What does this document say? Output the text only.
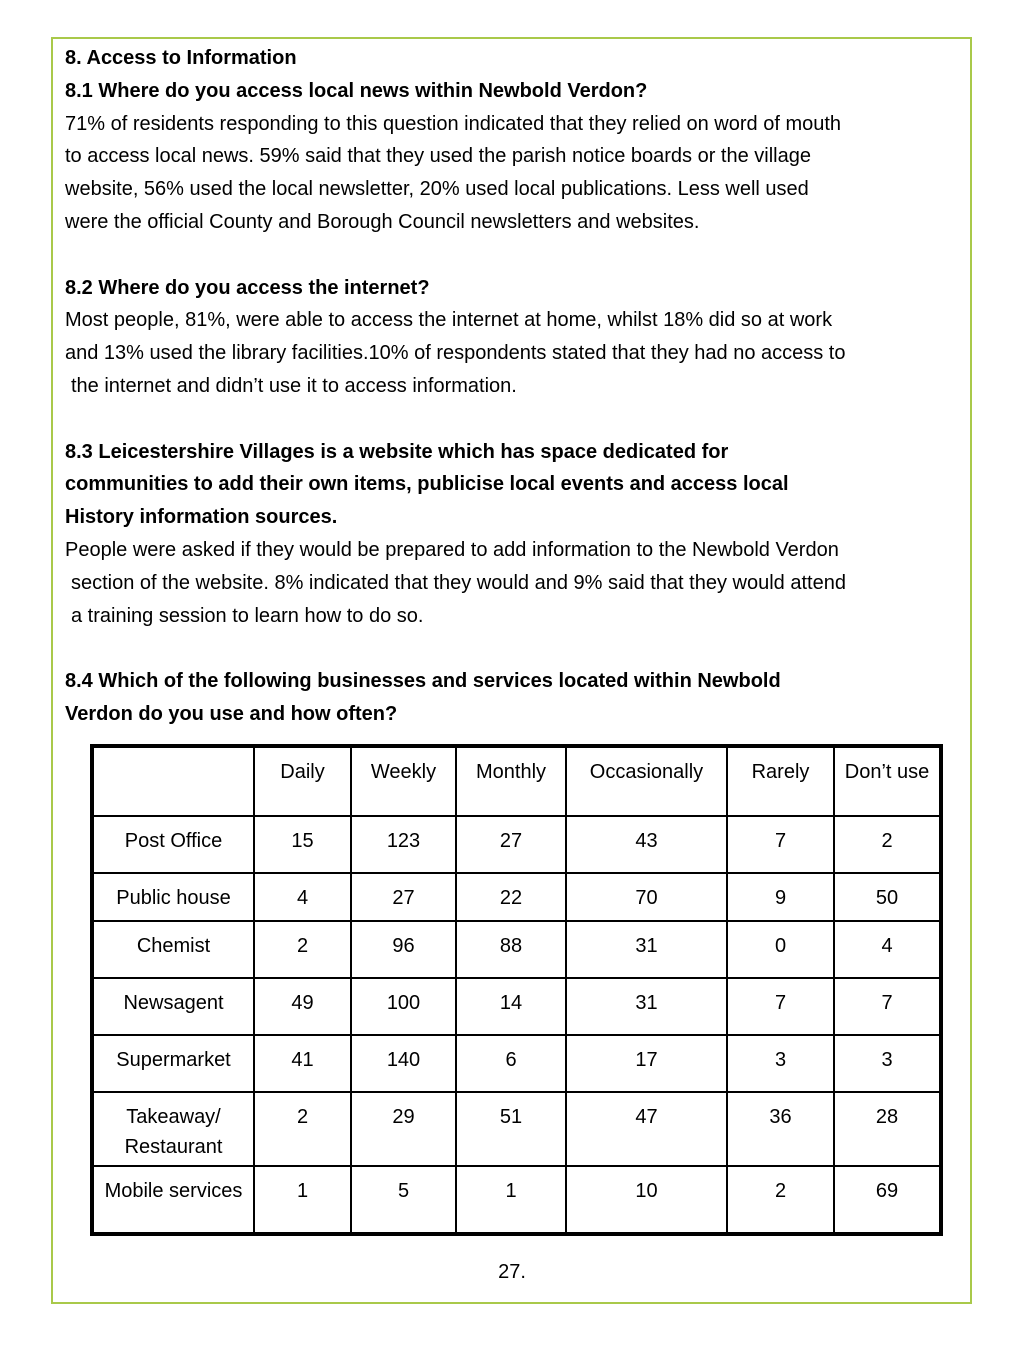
8. Access to Information

8.1 Where do you access local news within Newbold Verdon?

71% of residents responding to this question indicated that they relied on word of mouth

to access local news. 59% said that they used the parish notice boards or the village

website, 56% used the local newsletter, 20% used local publications. Less well used

were the official County and Borough Council newsletters and websites.

8.2 Where do you access the internet?

Most people, 81%, were able to access the internet at home, whilst 18% did so at work

and 13% used the library facilities.10% of respondents stated that they had no access to

the internet and didn’t use it to access information.

8.3 Leicestershire Villages is a website which has space dedicated for

communities to add their own items, publicise local events and access local

History information sources.

People were asked if they would be prepared to add information to the Newbold Verdon

section of the website. 8% indicated that they would and 9% said that they would attend

a training session to learn how to do so.

8.4 Which of the following businesses and services located within Newbold

Verdon do you use and how often?

	Daily	Weekly	Monthly	Occasionally	Rarely	Don’t use
Post Office	15	123	27	43	7	2
Public house	4	27	22	70	9	50
Chemist	2	96	88	31	0	4
Newsagent	49	100	14	31	7	7
Supermarket	41	140	6	17	3	3
Takeaway/
Restaurant	2	29	51	47	36	28
Mobile services	1	5	1	10	2	69
27.
